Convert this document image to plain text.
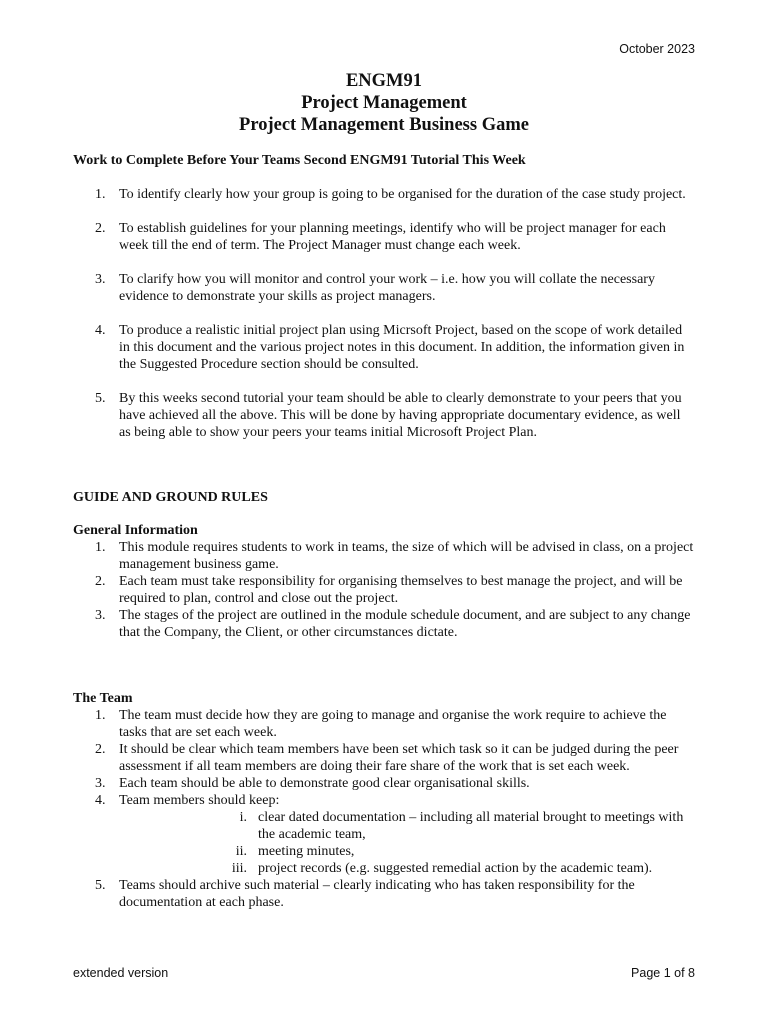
October 2023
ENGM91
Project Management
Project Management Business Game
Work to Complete Before Your Teams Second ENGM91 Tutorial This Week
1. To identify clearly how your group is going to be organised for the duration of the case study project.
2. To establish guidelines for your planning meetings, identify who will be project manager for each week till the end of term. The Project Manager must change each week.
3. To clarify how you will monitor and control your work – i.e. how you will collate the necessary evidence to demonstrate your skills as project managers.
4. To produce a realistic initial project plan using Micrsoft Project, based on the scope of work detailed in this document and the various project notes in this document. In addition, the information given in the Suggested Procedure section should be consulted.
5. By this weeks second tutorial your team should be able to clearly demonstrate to your peers that you have achieved all the above. This will be done by having appropriate documentary evidence, as well as being able to show your peers your teams initial Microsoft Project Plan.
GUIDE AND GROUND RULES
General Information
1. This module requires students to work in teams, the size of which will be advised in class, on a project management business game.
2. Each team must take responsibility for organising themselves to best manage the project, and will be required to plan, control and close out the project.
3. The stages of the project are outlined in the module schedule document, and are subject to any change that the Company, the Client, or other circumstances dictate.
The Team
1. The team must decide how they are going to manage and organise the work require to achieve the tasks that are set each week.
2. It should be clear which team members have been set which task so it can be judged during the peer assessment if all team members are doing their fare share of the work that is set each week.
3. Each team should be able to demonstrate good clear organisational skills.
4. Team members should keep:
i. clear dated documentation – including all material brought to meetings with the academic team,
ii. meeting minutes,
iii. project records (e.g. suggested remedial action by the academic team).
5. Teams should archive such material – clearly indicating who has taken responsibility for the documentation at each phase.
extended version	Page 1 of 8
